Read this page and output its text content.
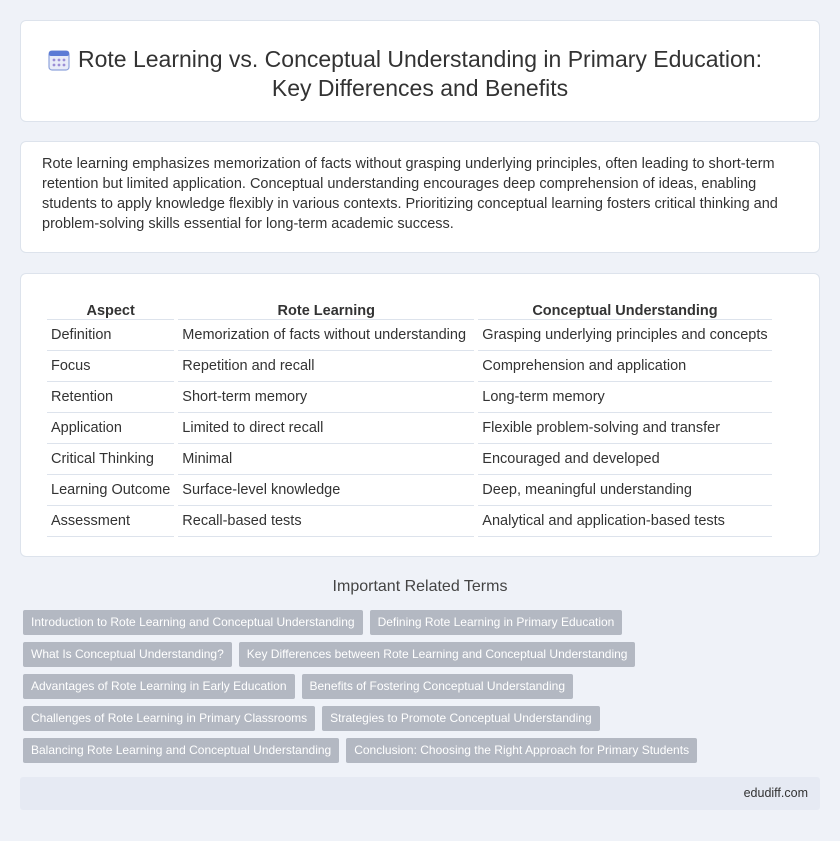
Rote Learning vs. Conceptual Understanding in Primary Education:
Key Differences and Benefits

Rote learning emphasizes memorization of facts without grasping underlying principles, often leading to short-term retention but limited application. Conceptual understanding encourages deep comprehension of ideas, enabling students to apply knowledge flexibly in various contexts. Prioritizing conceptual learning fosters critical thinking and problem-solving skills essential for long-term academic success.

Aspect	Rote Learning	Conceptual Understanding
Definition	Memorization of facts without understanding	Grasping underlying principles and concepts
Focus	Repetition and recall	Comprehension and application
Retention	Short-term memory	Long-term memory
Application	Limited to direct recall	Flexible problem-solving and transfer
Critical Thinking	Minimal	Encouraged and developed
Learning Outcome	Surface-level knowledge	Deep, meaningful understanding
Assessment	Recall-based tests	Analytical and application-based tests
Important Related Terms
Introduction to Rote Learning and Conceptual Understanding	Defining Rote Learning in Primary Education
What Is Conceptual Understanding?	Key Differences between Rote Learning and Conceptual Understanding
Advantages of Rote Learning in Early Education	Benefits of Fostering Conceptual Understanding
Challenges of Rote Learning in Primary Classrooms	Strategies to Promote Conceptual Understanding
Balancing Rote Learning and Conceptual Understanding	Conclusion: Choosing the Right Approach for Primary Students
edudiff.com
